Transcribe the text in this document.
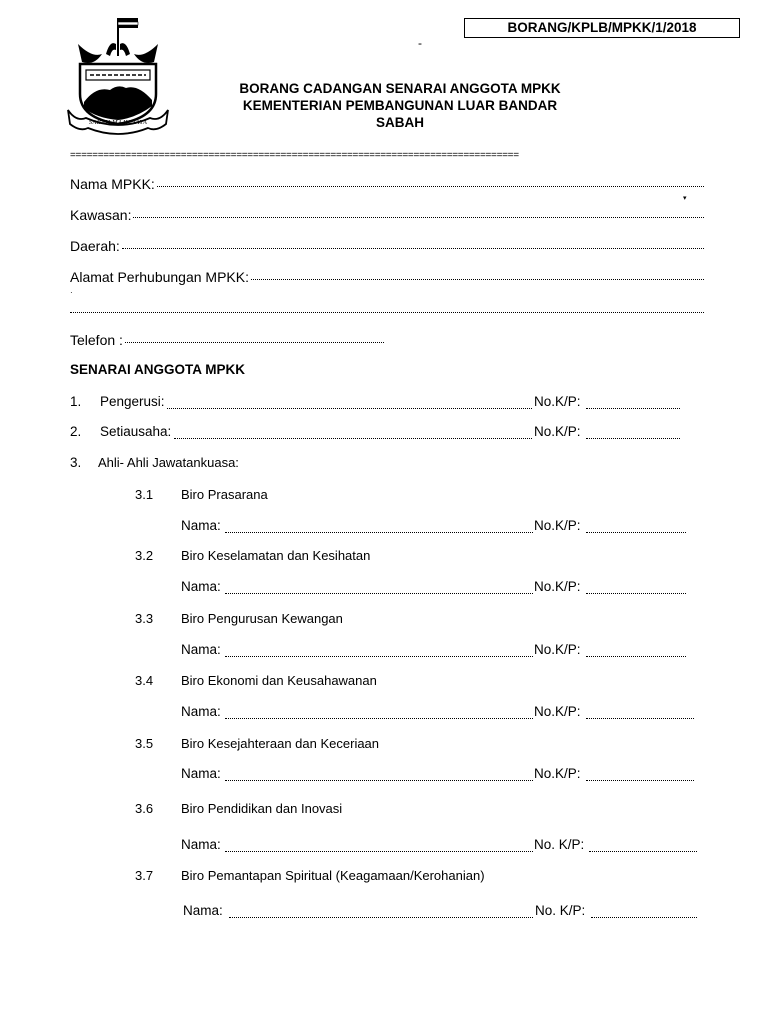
BORANG/KPLB/MPKK/1/2018
-
SABAH MAJU JAYA
BORANG CADANGAN SENARAI ANGGOTA MPKK
KEMENTERIAN PEMBANGUNAN LUAR BANDAR
SABAH
=================================================================================
Nama MPKK:
▾
Kawasan:
Daerah:
Alamat Perhubungan MPKK:
·
Telefon :
SENARAI ANGGOTA MPKK
1. Pengerusi:	No.K/P:
2. Setiausaha:	No.K/P:
3. Ahli- Ahli Jawatankuasa:
3.1 Biro Prasarana
Nama:	No.K/P:
3.2 Biro Keselamatan dan Kesihatan
Nama:	No.K/P:
3.3 Biro Pengurusan Kewangan
Nama:	No.K/P:
3.4 Biro Ekonomi dan Keusahawanan
Nama:	No.K/P:
3.5 Biro Kesejahteraan dan Keceriaan
Nama:	No.K/P:
3.6 Biro Pendidikan dan Inovasi
Nama:	No. K/P:
3.7 Biro Pemantapan Spiritual (Keagamaan/Kerohanian)
Nama:	No. K/P:
